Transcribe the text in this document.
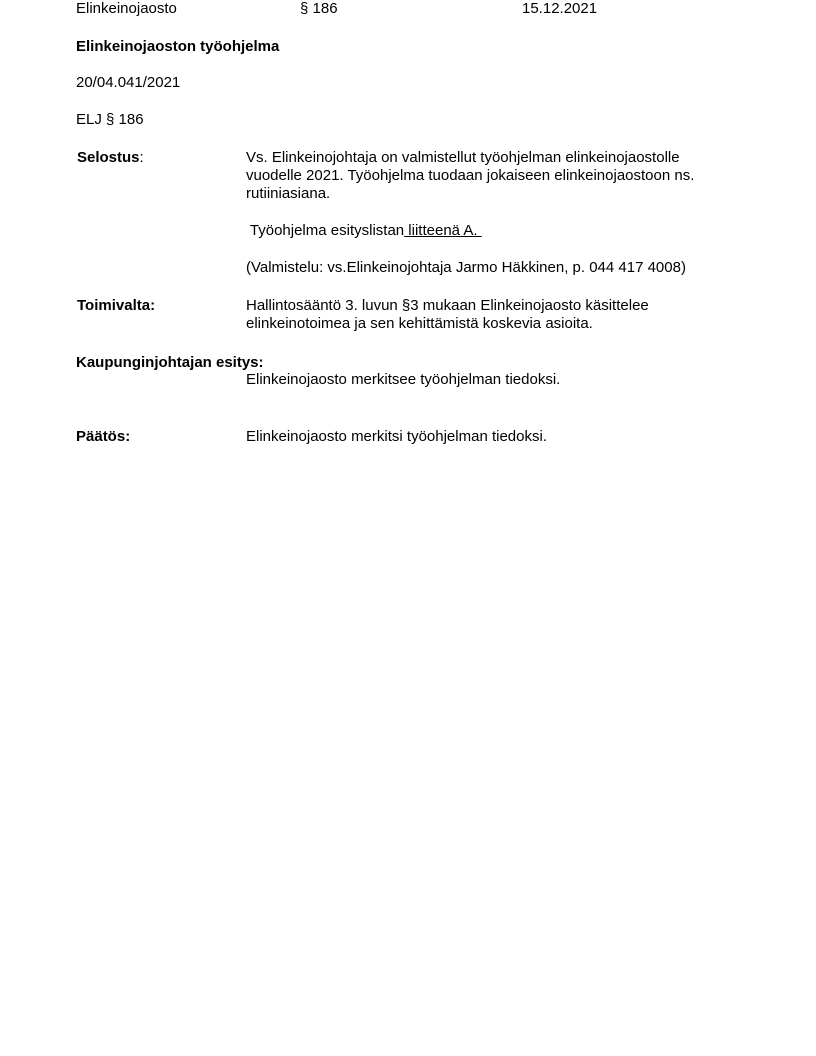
Elinkeinojaosto	§ 186	15.12.2021
Elinkeinojaoston työohjelma
20/04.041/2021
ELJ § 186
Selostus:	Vs. Elinkeinojohtaja on valmistellut työohjelman elinkeinojaostolle
vuodelle 2021. Työohjelma tuodaan jokaiseen elinkeinojaostoon ns.
rutiiniasiana.
Työohjelma esityslistan liitteenä A.
(Valmistelu: vs.Elinkeinojohtaja Jarmo Häkkinen, p. 044 417 4008)
Toimivalta:	Hallintosääntö 3. luvun §3 mukaan Elinkeinojaosto käsittelee
elinkeinotoimea ja sen kehittämistä koskevia asioita.
Kaupunginjohtajan esitys:
Elinkeinojaosto merkitsee työohjelman tiedoksi.
Päätös:	Elinkeinojaosto merkitsi työohjelman tiedoksi.
